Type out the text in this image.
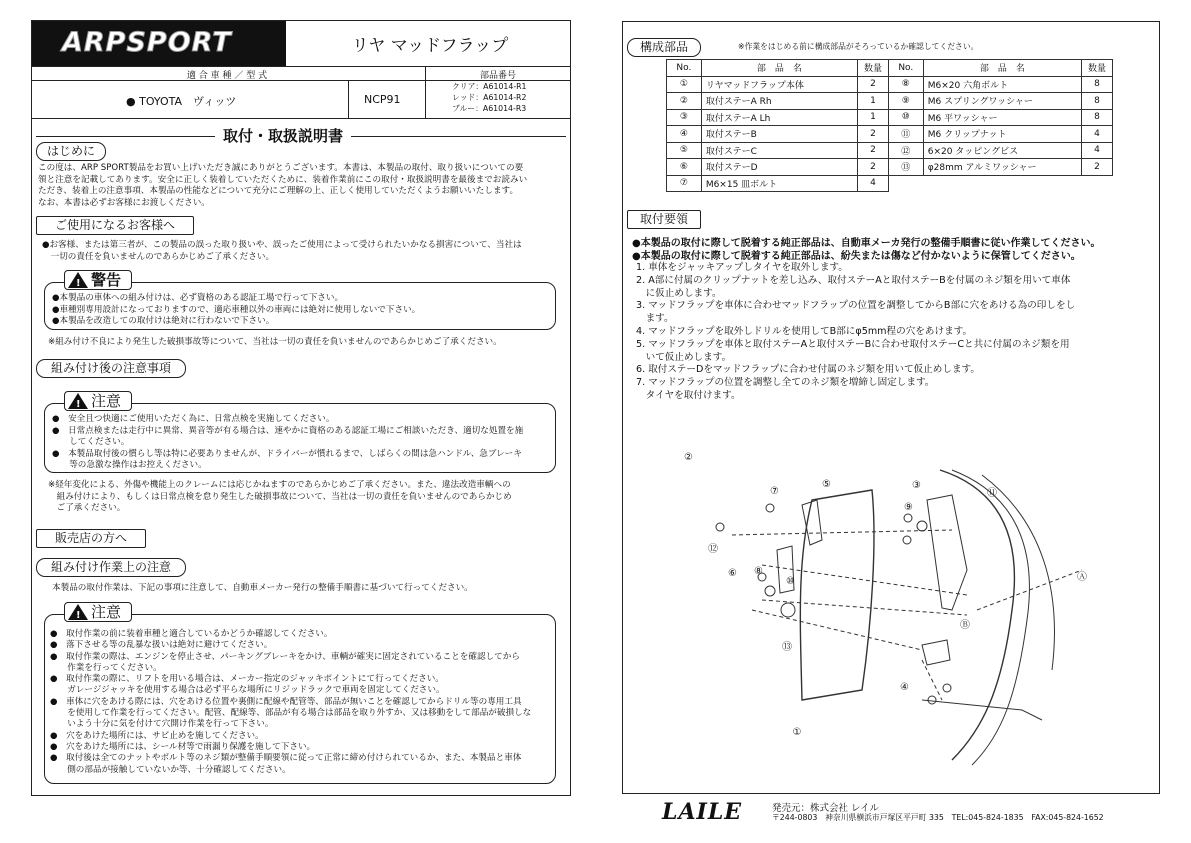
ARPSPORT	リヤ マッドフラップ
適 合 車 種 ／ 型 式	部品番号
● TOYOTA　ヴィッツ	NCP91
クリア：A61014-R1
レッド：A61014-R2
ブルー：A61014-R3
取付・取扱説明書
はじめに
この度は、ARP SPORT製品をお買い上げいただき誠にありがとうございます。本書は、本製品の取付、取り扱いについての要
領と注意を記載してあります。安全に正しく装着していただくために、装着作業前にこの取付・取扱説明書を最後までお読みい
ただき、装着上の注意事項、本製品の性能などについて充分にご理解の上、正しく使用していただくようお願いいたします。
なお、本書は必ずお客様にお渡しください。
ご使用になるお客様へ
●お客様、または第三者が、この製品の誤った取り扱いや、誤ったご使用によって受けられたいかなる損害について、当社は
　一切の責任を負いませんのであらかじめご了承ください。
! 警告
●本製品の車体への組み付けは、必ず資格のある認証工場で行って下さい。
●車種別専用設計になっておりますので、適応車種以外の車両には絶対に使用しないで下さい。
●本製品を改造しての取付けは絶対に行わないで下さい。
※組み付け不良により発生した破損事故等について、当社は一切の責任を負いませんのであらかじめご了承ください。
組み付け後の注意事項
! 注意
●　安全且つ快適にご使用いただく為に、日常点検を実施してください。
●　日常点検または走行中に異常、異音等が有る場合は、速やかに資格のある認証工場にご相談いただき、適切な処置を施
　　してください。
●　本製品取付後の慣らし等は特に必要ありませんが、ドライバーが慣れるまで、しばらくの間は急ハンドル、急ブレーキ
　　等の急激な操作はお控えください。
※経年変化による、外傷や機能上のクレームには応じかねますのであらかじめご了承ください。また、違法改造車輌への
　組み付けにより、もしくは日常点検を怠り発生した破損事故について、当社は一切の責任を負いませんのであらかじめ
　ご了承ください。
販売店の方へ
組み付け作業上の注意
本製品の取付作業は、下記の事項に注意して、自動車メーカー発行の整備手順書に基づいて行ってください。
! 注意
●　取付作業の前に装着車種と適合しているかどうか確認してください。
●　落下させる等の乱暴な扱いは絶対に避けてください。
●　取付作業の際は、エンジンを停止させ、パーキングブレーキをかけ、車輌が確実に固定されていることを確認してから
　　作業を行ってください。
●　取付作業の際に、リフトを用いる場合は、メーカー指定のジャッキポイントにて行ってください。
　　ガレージジャッキを使用する場合は必ず平らな場所にリジッドラックで車両を固定してください。
●　車体に穴をあける際には、穴をあける位置や裏側に配線や配管等、部品が無いことを確認してからドリル等の専用工具
　　を使用して作業を行ってください。配管、配線等、部品が有る場合は部品を取り外すか、又は移動をして部品が破損しな
　　いよう十分に気を付けて穴開け作業を行って下さい。
●　穴をあけた場所には、サビ止めを施してください。
●　穴をあけた場所には、シール材等で雨漏り保護を施して下さい。
●　取付後は全てのナットやボルト等のネジ類が整備手順要領に従って正常に締め付けられているか、また、本製品と車体
　　側の部品が接触していないか等、十分確認してください。
構成部品	※作業をはじめる前に構成部品がそろっているか確認してください。
No.	部　品　名	数量	No.	部　品　名	数量
①	リヤマッドフラップ本体	2	⑧	M6×20 六角ボルト	8
②	取付ステーA Rh	1	⑨	M6 スプリングワッシャー	8
③	取付ステーA Lh	1	⑩	M6 平ワッシャー	8
④	取付ステーB	2	⑪	M6 クリップナット	4
⑤	取付ステーC	2	⑫	6×20 タッピングビス	4
⑥	取付ステーD	2	⑬	φ28mm アルミワッシャー	2
⑦	M6×15 皿ボルト	4			
取付要領
●本製品の取付に際して脱着する純正部品は、自動車メーカ発行の整備手順書に従い作業してください。
●本製品の取付に際して脱着する純正部品は、紛失または傷など付かないように保管してください。
1. 車体をジャッキアップしタイヤを取外します。
2. A部に付属のクリップナットを差し込み、取付ステーAと取付ステーBを付属のネジ類を用いて車体
　に仮止めします。
3. マッドフラップを車体に合わせマッドフラップの位置を調整してからB部に穴をあける為の印しをし
　ます。
4. マッドフラップを取外しドリルを使用してB部にφ5mm程の穴をあけます。
5. マッドフラップを車体と取付ステーAと取付ステーBに合わせ取付ステーCと共に付属のネジ類を用
　いて仮止めします。
6. 取付ステーDをマッドフラップに合わせ付属のネジ類を用いて仮止めします。
7. マッドフラップの位置を調整し全てのネジ類を増締し固定します。
　タイヤを取付けます。
①
②
③
④
⑤
⑥
⑦
⑧
⑨
⑩
⑪
⑫
⑬
Ⓐ
Ⓑ
LAILE	発売元：株式会社 レイル
〒244-0803　神奈川県横浜市戸塚区平戸町 335　TEL:045-824-1835　FAX:045-824-1652
